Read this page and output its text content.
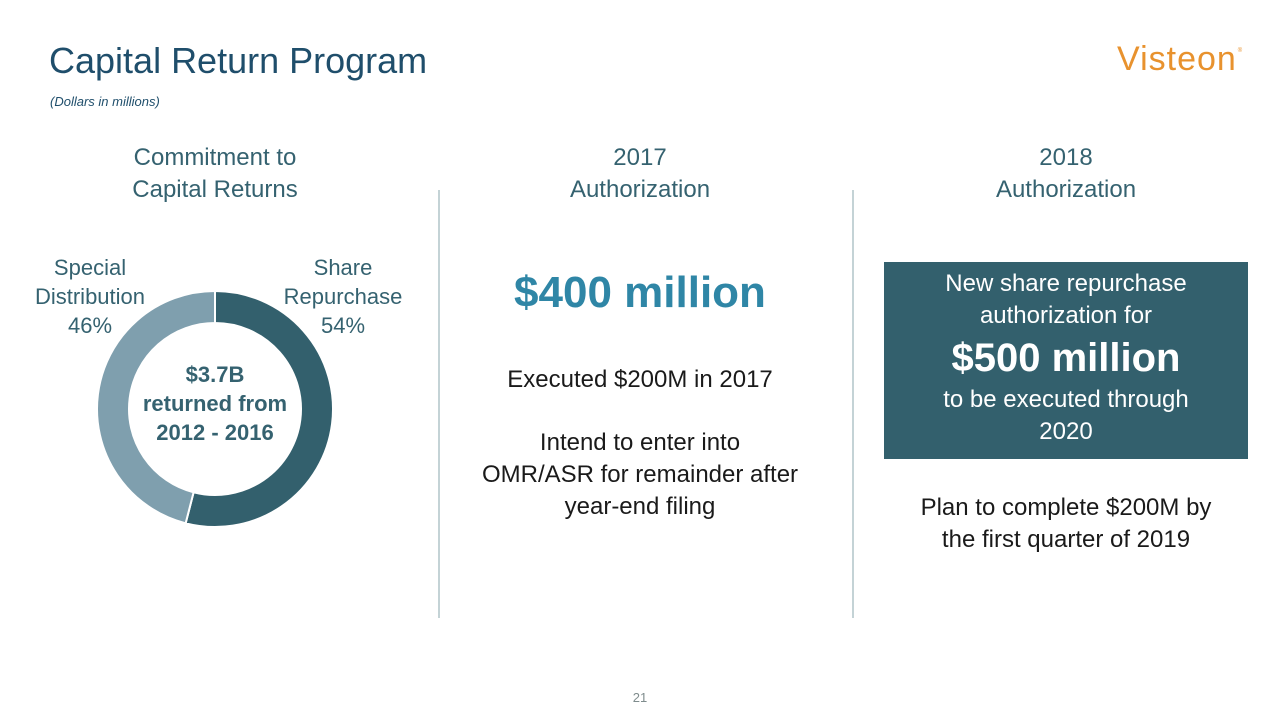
Capital Return Program
(Dollars in millions)
Visteon®
Commitment to
Capital Returns
2017
Authorization
2018
Authorization
Special
Distribution
46%
Share
Repurchase
54%
$3.7B
returned from
2012 - 2016
$400 million
Executed $200M in 2017
Intend to enter into
OMR/ASR for remainder after
year-end filing
New share repurchase
authorization for
$500 million
to be executed through
2020
Plan to complete $200M by
the first quarter of 2019
21
